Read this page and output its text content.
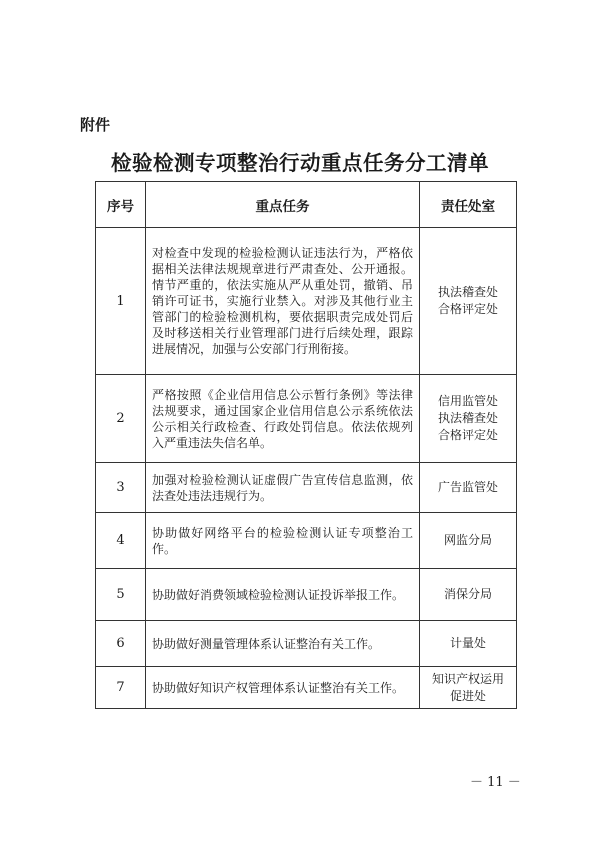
附件
检验检测专项整治行动重点任务分工清单
序号	重点任务	责任处室
1	对检查中发现的检验检测认证违法行为，严格依据相关法律法规规章进行严肃查处、公开通报。情节严重的，依法实施从严从重处罚，撤销、吊销许可证书，实施行业禁入。对涉及其他行业主管部门的检验检测机构，要依据职责完成处罚后及时移送相关行业管理部门进行后续处理，跟踪进展情况，加强与公安部门行刑衔接。	执法稽查处
合格评定处

2	严格按照《企业信用信息公示暂行条例》等法律法规要求，通过国家企业信用信息公示系统依法公示相关行政检查、行政处罚信息。依法依规列入严重违法失信名单。	信用监管处
执法稽查处
合格评定处

3	加强对检验检测认证虚假广告宣传信息监测，依法查处违法违规行为。	广告监管处

4	协助做好网络平台的检验检测认证专项整治工作。	网监分局

5	协助做好消费领域检验检测认证投诉举报工作。	消保分局

6	协助做好测量管理体系认证整治有关工作。	计量处

7	协助做好知识产权管理体系认证整治有关工作。	知识产权运用
促进处
－ 11 －
